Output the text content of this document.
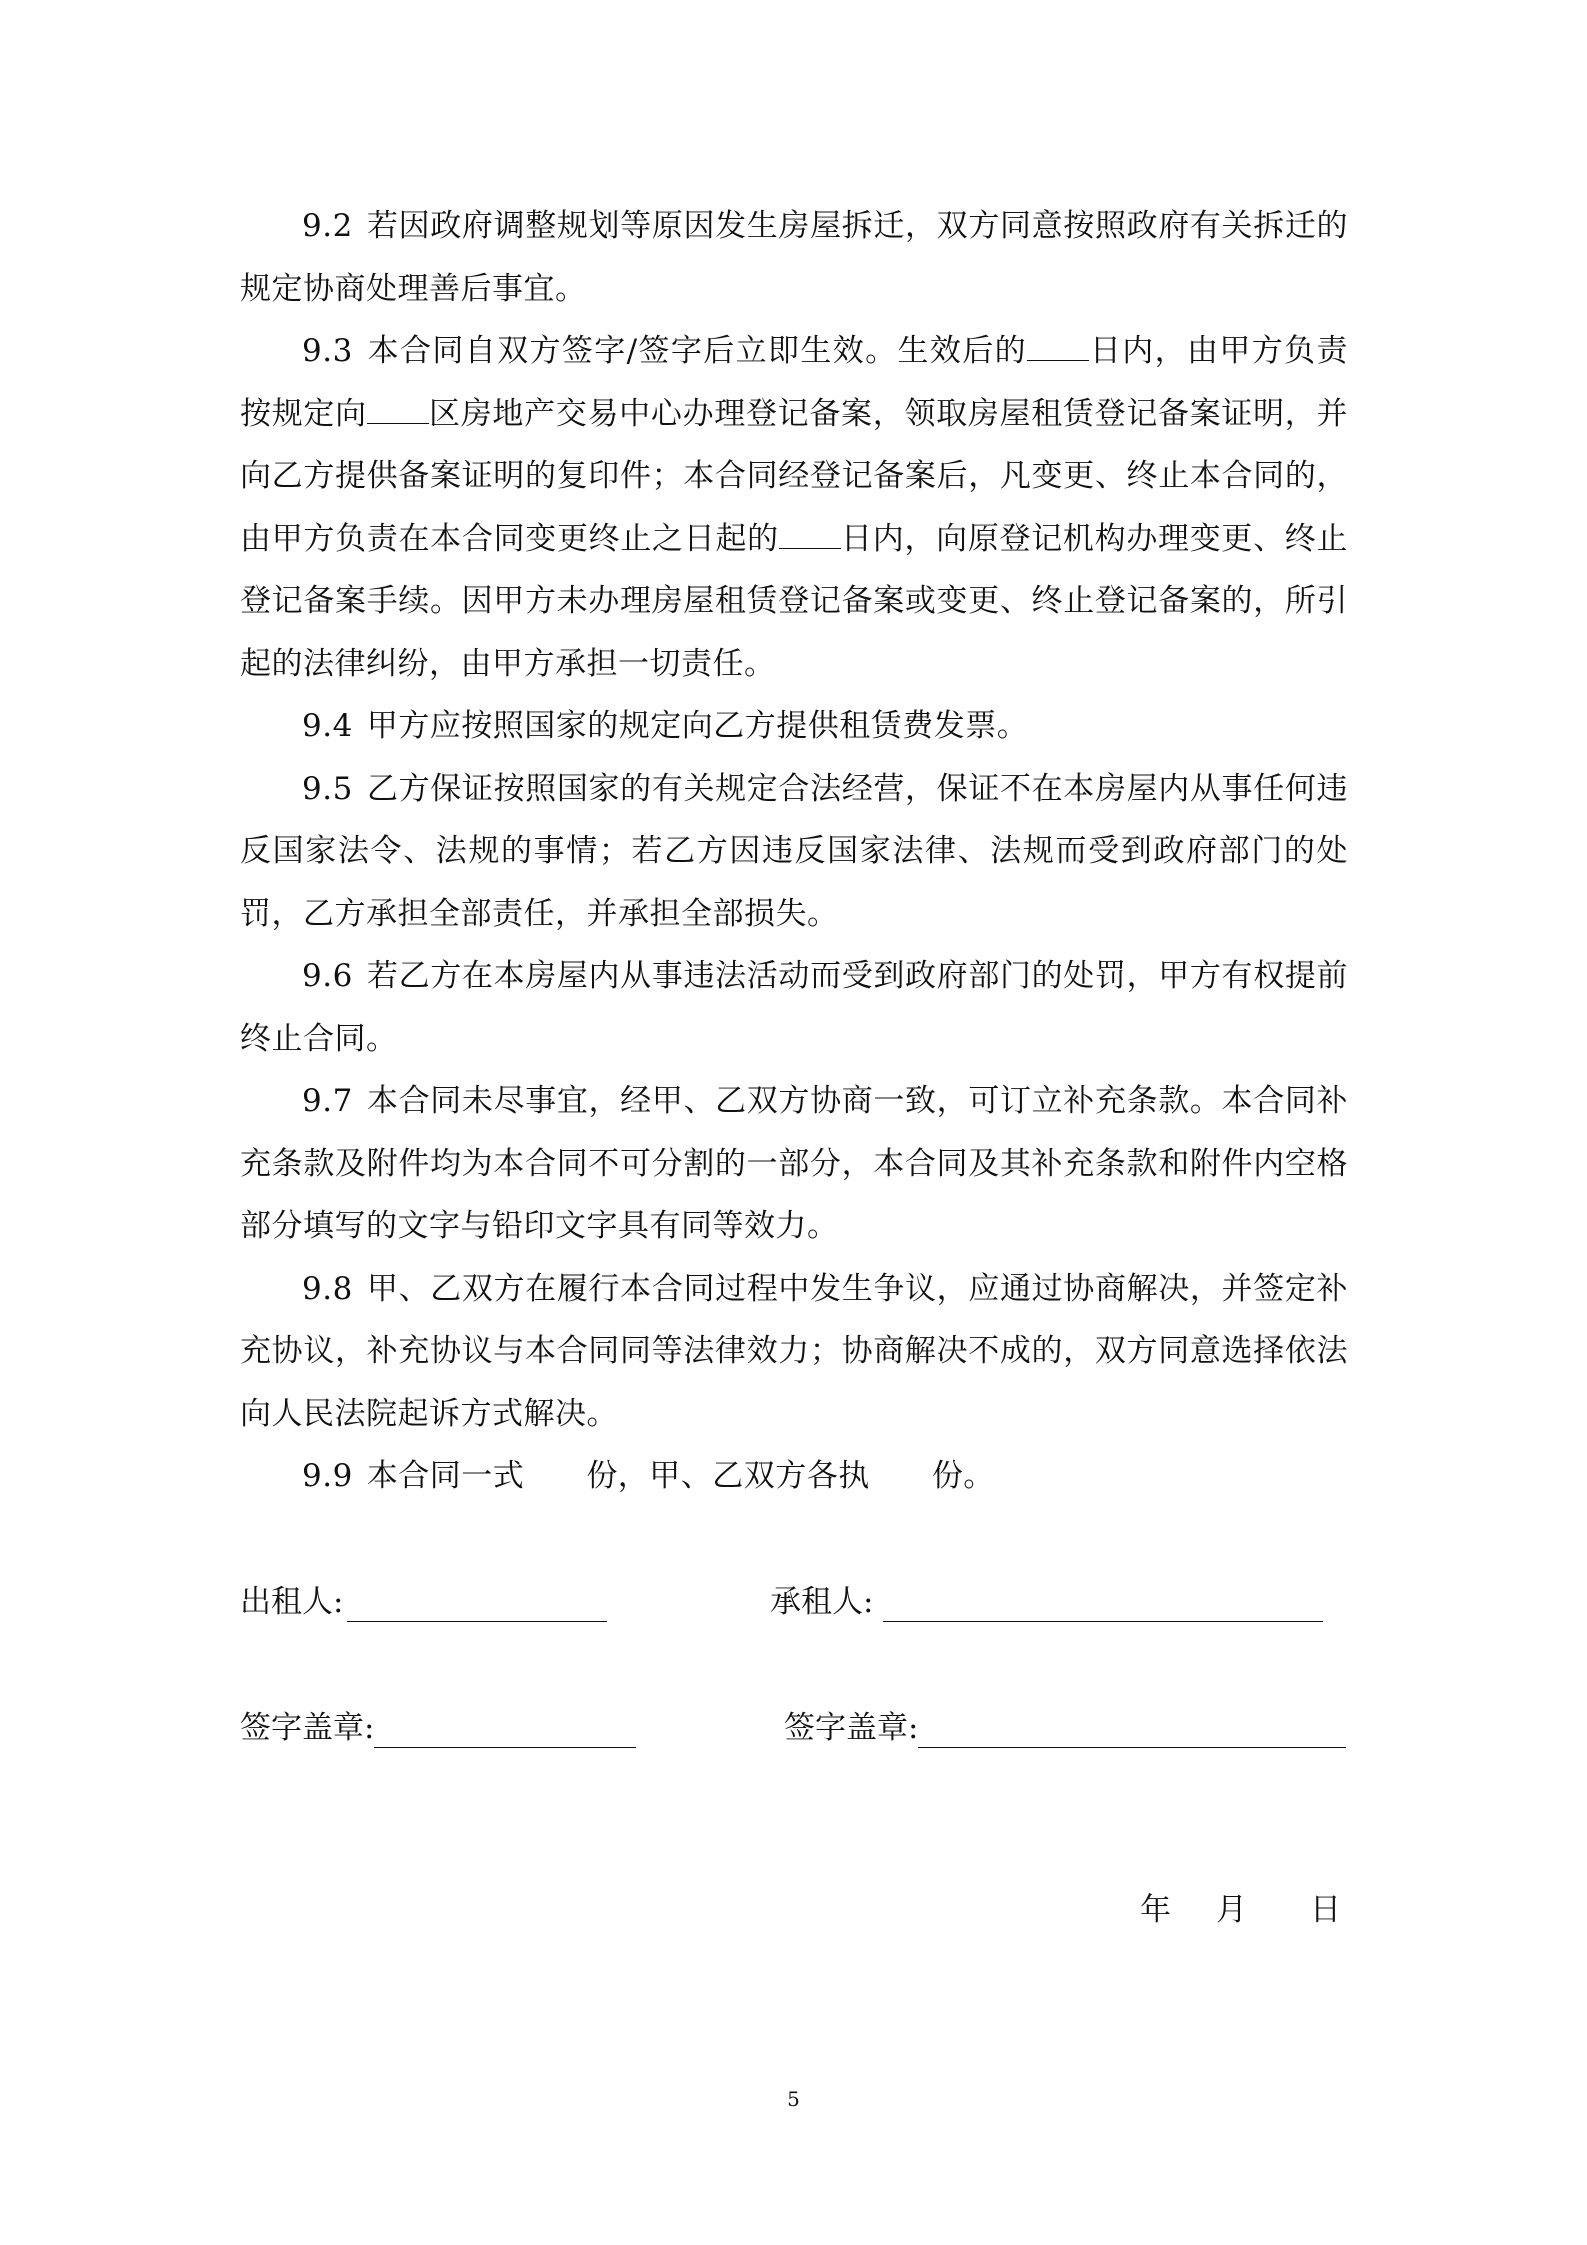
9.2 若因政府调整规划等原因发生房屋拆迁，双方同意按照政府有关拆迁的规定协商处理善后事宜。

9.3 本合同自双方签字/签字后立即生效。生效后的 日内，由甲方负责按规定向 区房地产交易中心办理登记备案，领取房屋租赁登记备案证明，并向乙方提供备案证明的复印件；本合同经登记备案后，凡变更、终止本合同的，由甲方负责在本合同变更终止之日起的 日内，向原登记机构办理变更、终止登记备案手续。因甲方未办理房屋租赁登记备案或变更、终止登记备案的，所引起的法律纠纷，由甲方承担一切责任。

9.4 甲方应按照国家的规定向乙方提供租赁费发票。

9.5 乙方保证按照国家的有关规定合法经营，保证不在本房屋内从事任何违反国家法令、法规的事情；若乙方因违反国家法律、法规而受到政府部门的处罚，乙方承担全部责任，并承担全部损失。

9.6 若乙方在本房屋内从事违法活动而受到政府部门的处罚，甲方有权提前终止合同。

9.7 本合同未尽事宜，经甲、乙双方协商一致，可订立补充条款。本合同补充条款及附件均为本合同不可分割的一部分，本合同及其补充条款和附件内空格部分填写的文字与铅印文字具有同等效力。

9.8 甲、乙双方在履行本合同过程中发生争议，应通过协商解决，并签定补充协议，补充协议与本合同同等法律效力；协商解决不成的，双方同意选择依法向人民法院起诉方式解决。

9.9 本合同一式 份，甲、乙双方各执 份。

出租人:	承租人:
签字盖章:	签字盖章:
年 月 日
5
